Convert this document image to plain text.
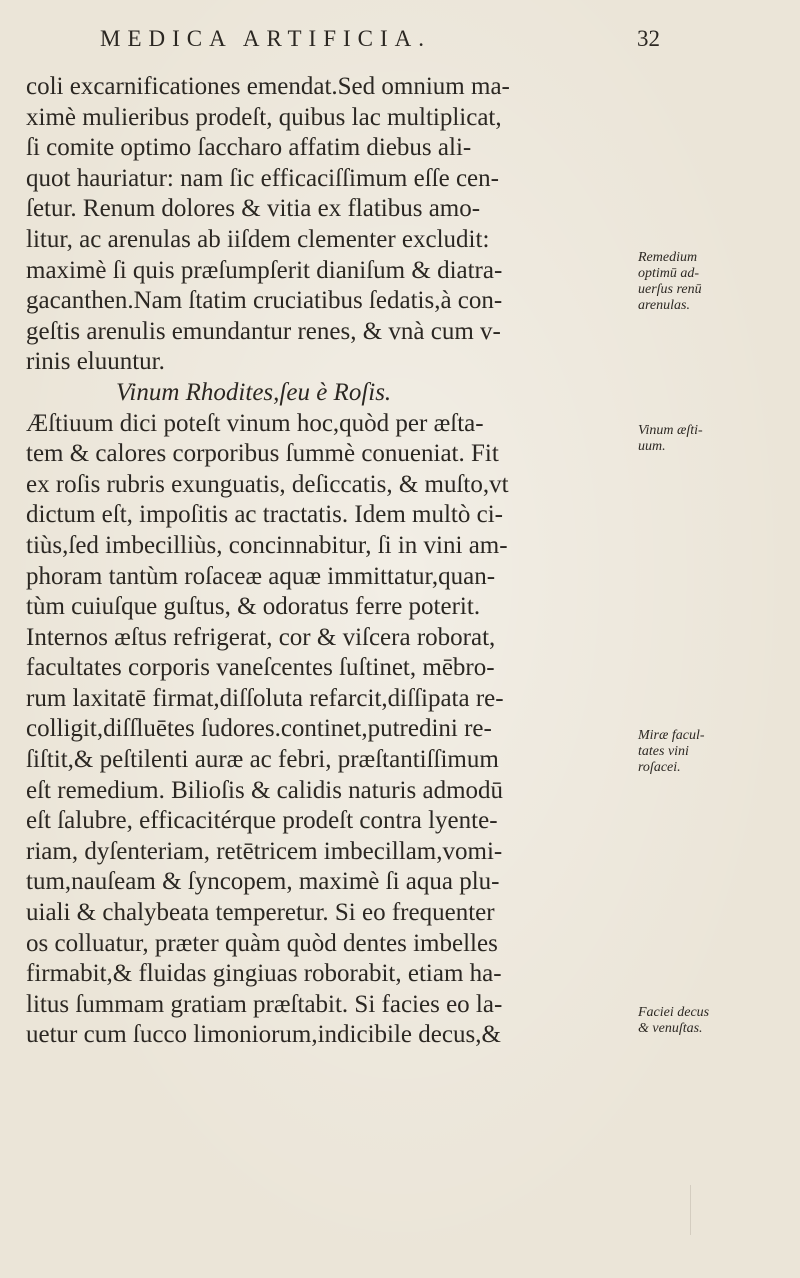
MEDICA ARTIFICIA.	32
coli excarnificationes emendat.Sed omnium ma-
ximè mulieribus prodeſt, quibus lac multiplicat,
ſi comite optimo ſaccharo affatim diebus ali-
quot hauriatur: nam ſic efficaciſſimum eſſe cen-
ſetur. Renum dolores & vitia ex flatibus amo-
litur, ac arenulas ab iiſdem clementer excludit:
maximè ſi quis præſumpſerit dianiſum & diatra-
gacanthen.Nam ſtatim cruciatibus ſedatis,à con-
geſtis arenulis emundantur renes, & vnà cum v-
rinis eluuntur.
Vinum Rhodites,ſeu è Roſis.
Æſtiuum dici poteſt vinum hoc,quòd per æſta-
tem & calores corporibus ſummè conueniat. Fit
ex roſis rubris exunguatis, deſiccatis, & muſto,vt
dictum eſt, impoſitis ac tractatis. Idem multò ci-
tiùs,ſed imbecilliùs, concinnabitur, ſi in vini am-
phoram tantùm roſaceæ aquæ immittatur,quan-
tùm cuiuſque guſtus, & odoratus ferre poterit.
Internos æſtus refrigerat, cor & viſcera roborat,
facultates corporis vaneſcentes ſuſtinet, mēbro-
rum laxitatē firmat,diſſoluta refarcit,diſſipata re-
colligit,diſſluētes ſudores.continet,putredini re-
ſiſtit,& peſtilenti auræ ac febri, præſtantiſſimum
eſt remedium. Bilioſis & calidis naturis admodū
eſt ſalubre, efficacitérque prodeſt contra lyente-
riam, dyſenteriam, retētricem imbecillam,vomi-
tum,nauſeam & ſyncopem, maximè ſi aqua plu-
uiali & chalybeata temperetur. Si eo frequenter
os colluatur, præter quàm quòd dentes imbelles
firmabit,& fluidas gingiuas roborabit, etiam ha-
litus ſummam gratiam præſtabit. Si facies eo la-
uetur cum ſucco limoniorum,indicibile decus,&
Remedium
optimū ad-
uerſus renū
arenulas.
Vinum æſti-
uum.
Miræ facul-
tates vini
roſacei.
Faciei decus
& venuſtas.
